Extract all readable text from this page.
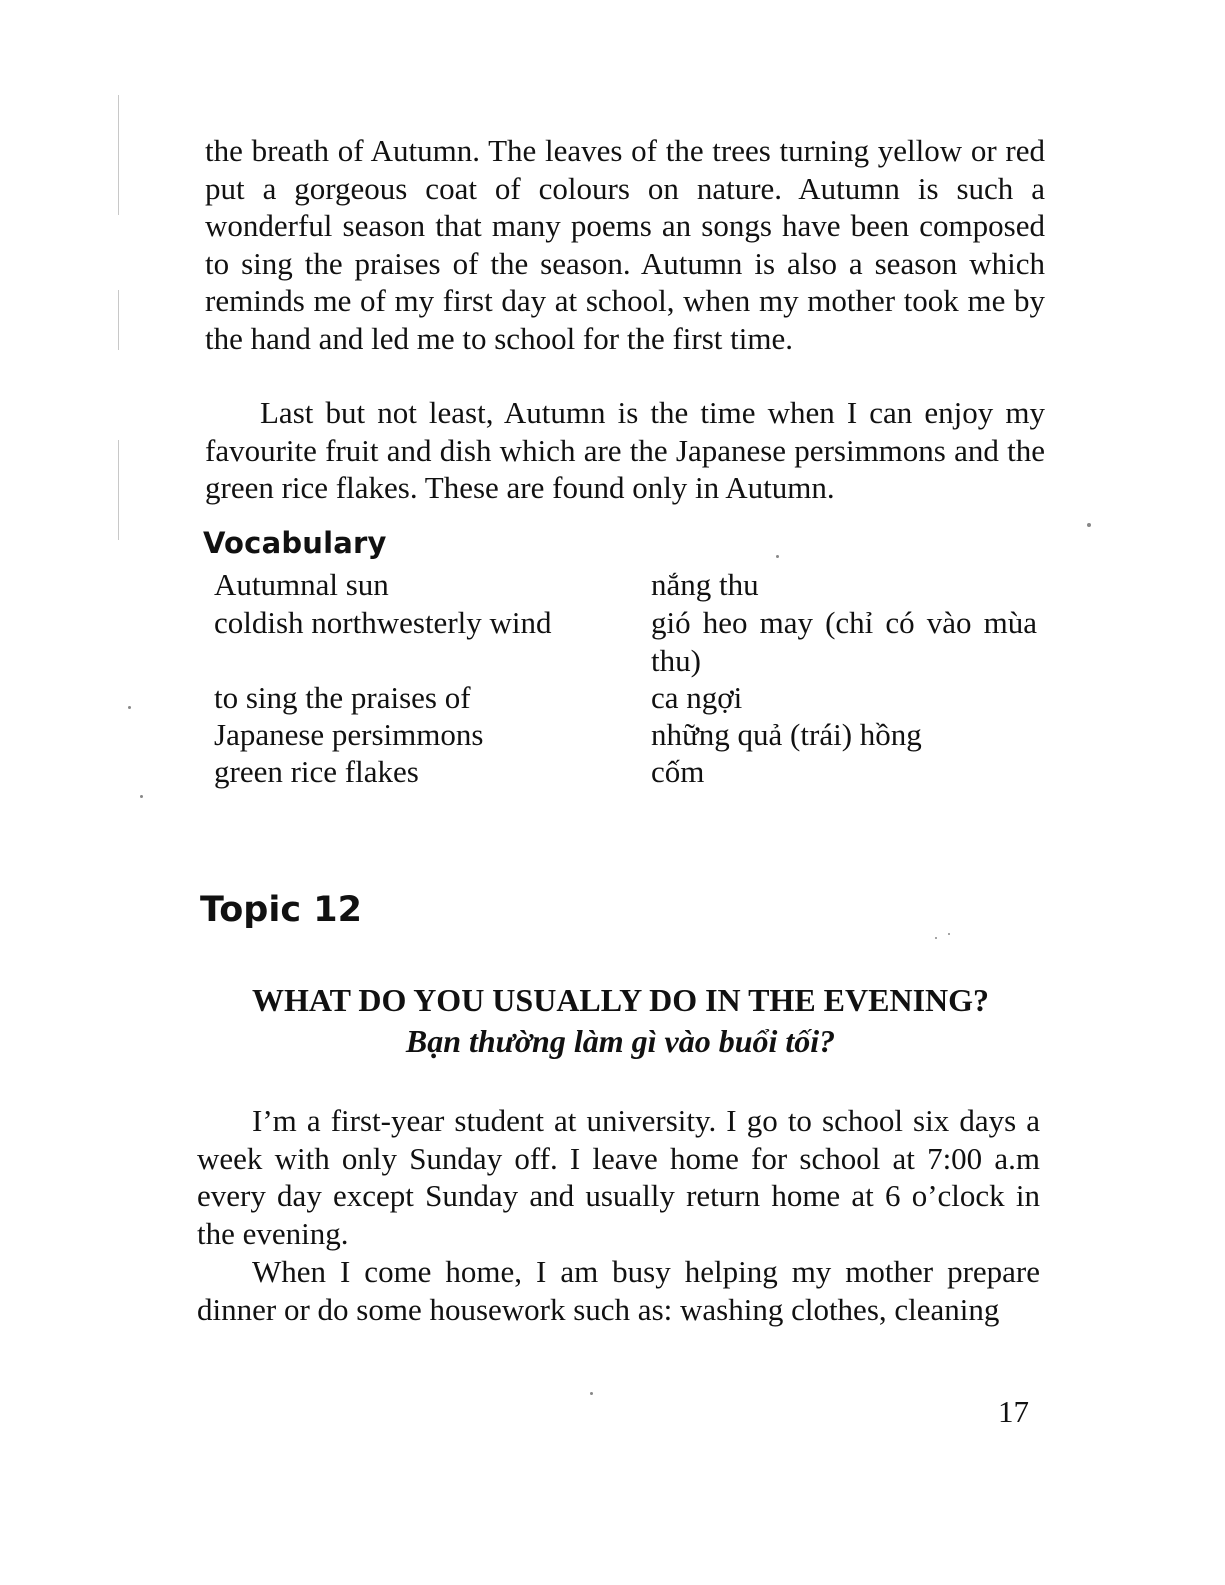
the breath of Autumn. The leaves of the trees turning yellow or red put a gorgeous coat of colours on nature. Autumn is such a wonderful season that many poems an songs have been composed to sing the praises of the season. Autumn is also a season which reminds me of my first day at school, when my mother took me by the hand and led me to school for the first time.

Last but not least, Autumn is the time when I can enjoy my favourite fruit and dish which are the Japanese persimmons and the green rice flakes. These are found only in Autumn.

Vocabulary
Autumnal sun	nắng thu
coldish northwesterly wind	gió heo may (chỉ có vào mùa thu)
to sing the praises of	ca ngợi
Japanese persimmons	những quả (trái) hồng
green rice flakes	cốm
Topic 12
WHAT DO YOU USUALLY DO IN THE EVENING?
Bạn thường làm gì vào buổi tối?

I’m a first-year student at university. I go to school six days a week with only Sunday off. I leave home for school at 7:00 a.m every day except Sunday and usually return home at 6 o’clock in the evening.

When I come home, I am busy helping my mother prepare dinner or do some housework such as: washing clothes, cleaning

17
